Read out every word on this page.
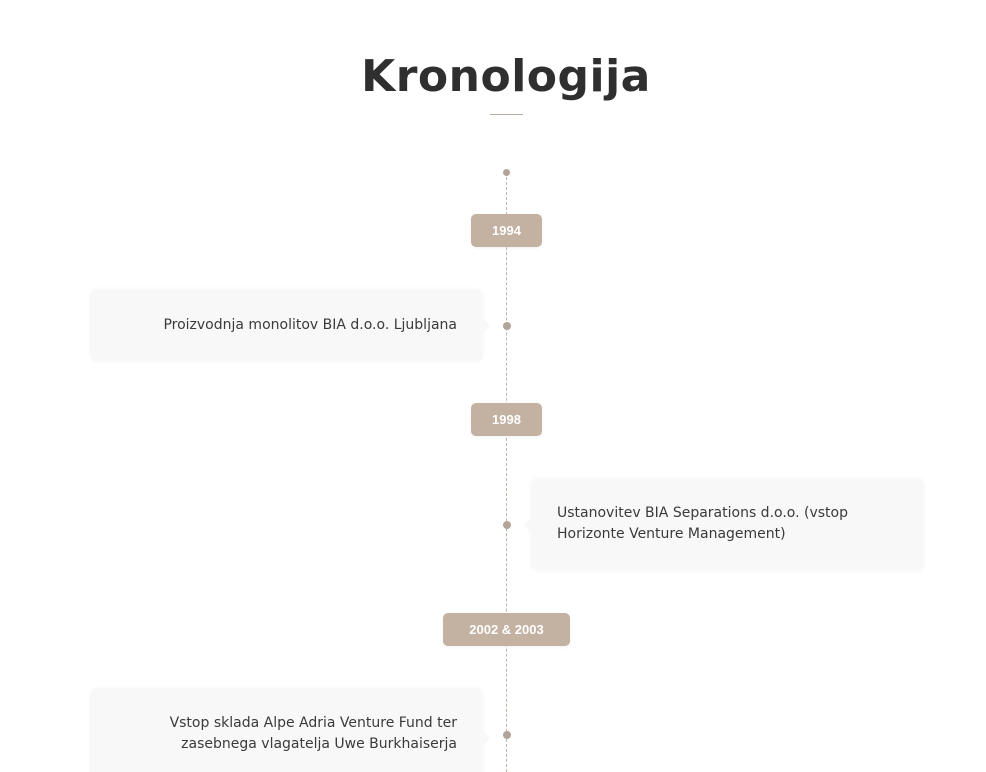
Kronologija
1994
Proizvodnja monolitov BIA d.o.o. Ljubljana
1998
Ustanovitev BIA Separations d.o.o. (vstop Horizonte Venture Management)
2002 & 2003
Vstop sklada Alpe Adria Venture Fund ter zasebnega vlagatelja Uwe Burkhaiserja
